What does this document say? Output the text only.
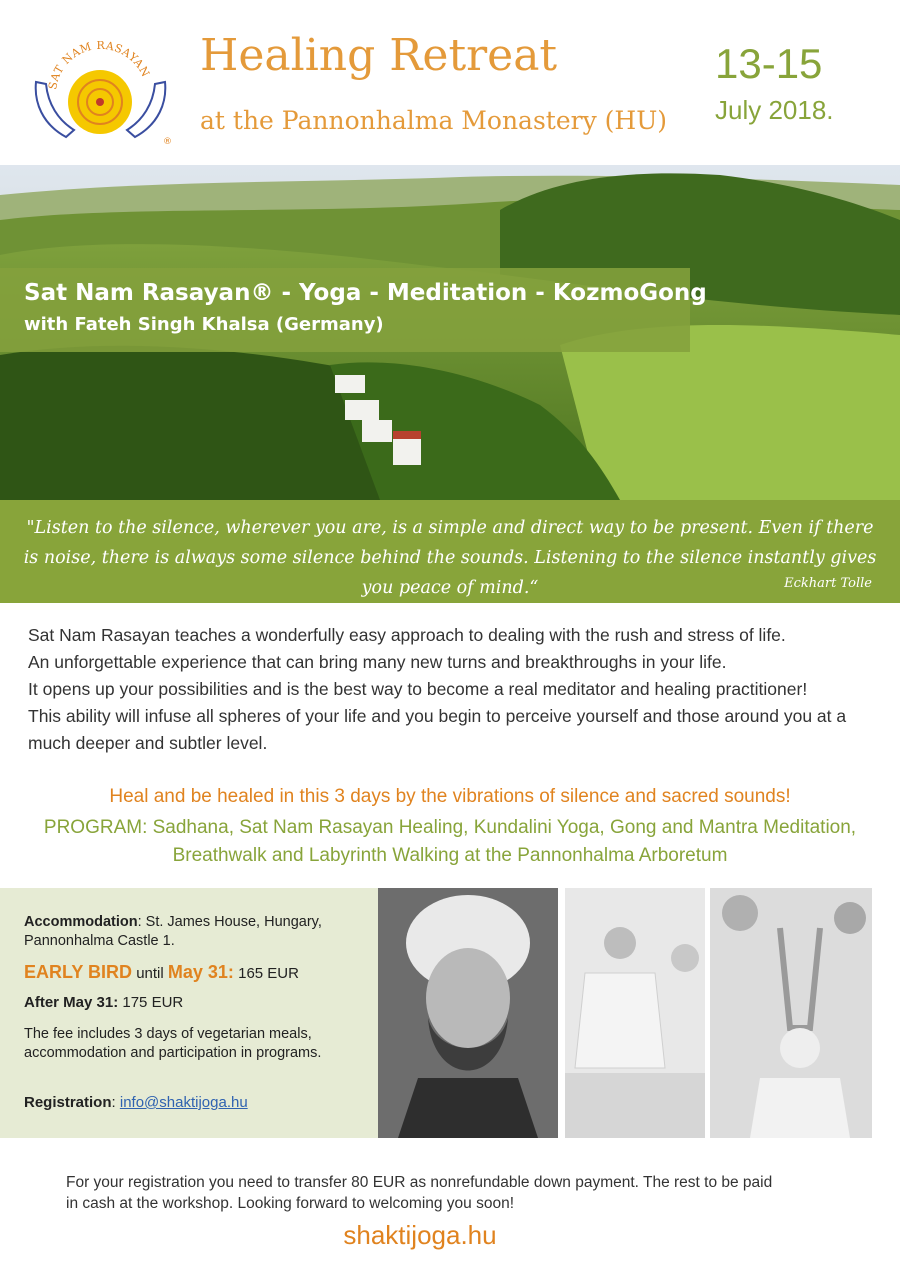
SAT NAM RASAYAN
®
Healing Retreat
at the Pannonhalma Monastery (HU)
13-15
July 2018.
Sat Nam Rasayan® - Yoga - Meditation - KozmoGong
with Fateh Singh Khalsa (Germany)
"Listen to the silence, wherever you are, is a simple and direct way to be present. Even if there is noise, there is always some silence behind the sounds. Listening to the silence instantly gives you peace of mind.“	Eckhart Tolle

Sat Nam Rasayan teaches a wonderfully easy approach to dealing with the rush and stress of life.

An unforgettable experience that can bring many new turns and breakthroughs in your life.

It opens up your possibilities and is the best way to become a real meditator and healing practitioner!

This ability will infuse all spheres of your life and you begin to perceive yourself and those around you at a much deeper and subtler level.

Heal and be healed in this 3 days by the vibrations of silence and sacred sounds!
PROGRAM: Sadhana, Sat Nam Rasayan Healing, Kundalini Yoga, Gong and Mantra Meditation, Breathwalk and Labyrinth Walking at the Pannonhalma Arboretum
Accommodation: St. James House, Hungary, Pannonhalma Castle 1.
EARLY BIRD until May 31: 165 EUR
After May 31: 175 EUR
The fee includes 3 days of vegetarian meals, accommodation and participation in programs.
Registration: info@shaktijoga.hu
For your registration you need to transfer 80 EUR as nonrefundable down payment. The rest to be paid in cash at the workshop. Looking forward to welcoming you soon!
shaktijoga.hu
